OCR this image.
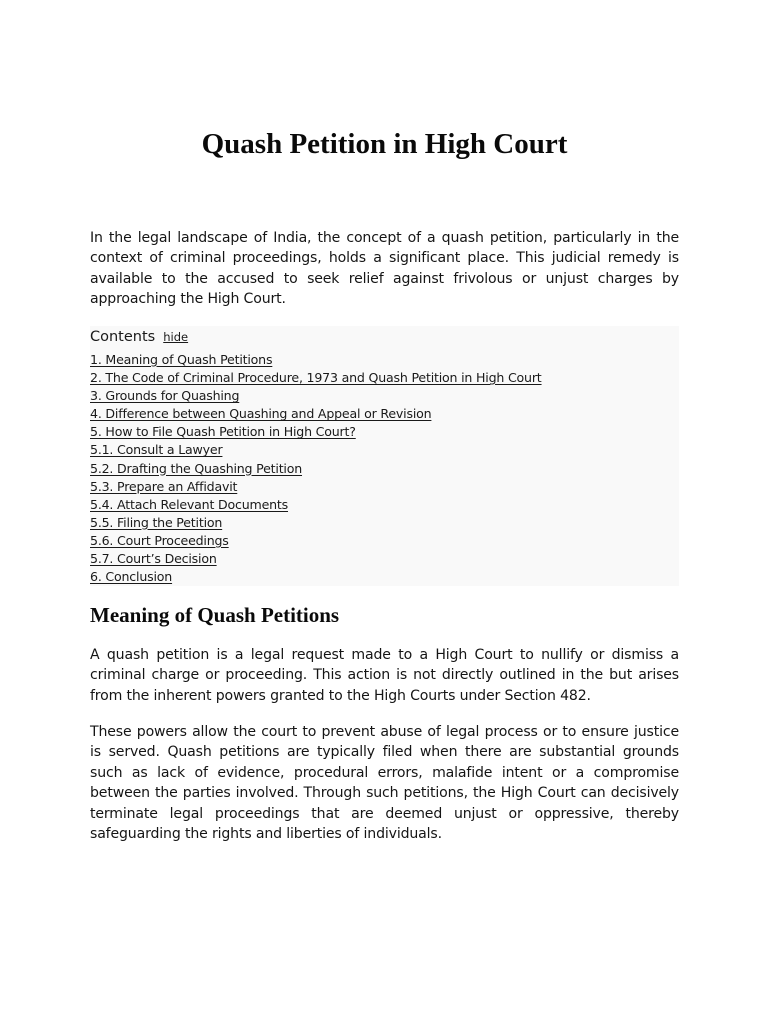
Quash Petition in High Court

In the legal landscape of India, the concept of a quash petition, particularly in the context of criminal proceedings, holds a significant place. This judicial remedy is available to the accused to seek relief against frivolous or unjust charges by approaching the High Court.

Contents hide
1. Meaning of Quash Petitions
2. The Code of Criminal Procedure, 1973 and Quash Petition in High Court
3. Grounds for Quashing
4. Difference between Quashing and Appeal or Revision
5. How to File Quash Petition in High Court?
5.1. Consult a Lawyer
5.2. Drafting the Quashing Petition
5.3. Prepare an Affidavit
5.4. Attach Relevant Documents
5.5. Filing the Petition
5.6. Court Proceedings
5.7. Court’s Decision
6. Conclusion
Meaning of Quash Petitions

A quash petition is a legal request made to a High Court to nullify or dismiss a criminal charge or proceeding. This action is not directly outlined in the but arises from the inherent powers granted to the High Courts under Section 482.

These powers allow the court to prevent abuse of legal process or to ensure justice is served. Quash petitions are typically filed when there are substantial grounds such as lack of evidence, procedural errors, malafide intent or a compromise between the parties involved. Through such petitions, the High Court can decisively terminate legal proceedings that are deemed unjust or oppressive, thereby safeguarding the rights and liberties of individuals.
